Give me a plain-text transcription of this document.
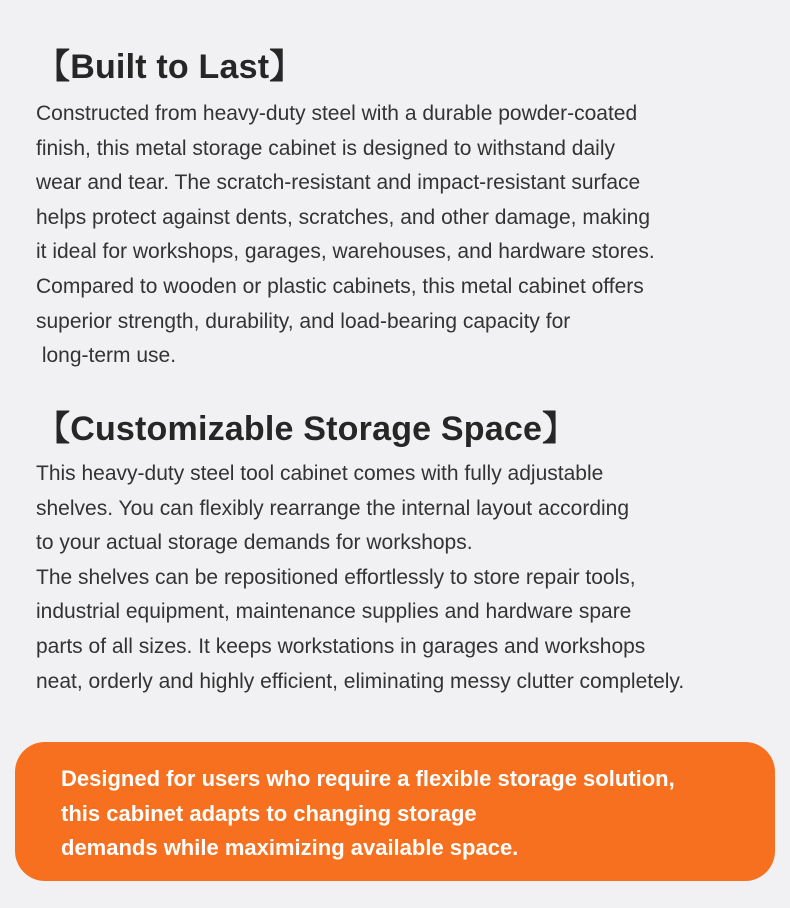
【Built to Last】
Constructed from heavy-duty steel with a durable powder-coated
finish, this metal storage cabinet is designed to withstand daily
wear and tear. The scratch-resistant and impact-resistant surface
helps protect against dents, scratches, and other damage, making
it ideal for workshops, garages, warehouses, and hardware stores.
Compared to wooden or plastic cabinets, this metal cabinet offers
superior strength, durability, and load-bearing capacity for
long-term use.
【Customizable Storage Space】
This heavy-duty steel tool cabinet comes with fully adjustable
shelves. You can flexibly rearrange the internal layout according
to your actual storage demands for workshops.
The shelves can be repositioned effortlessly to store repair tools,
industrial equipment, maintenance supplies and hardware spare
parts of all sizes. It keeps workstations in garages and workshops
neat, orderly and highly efficient, eliminating messy clutter completely.
Designed for users who require a flexible storage solution,
this cabinet adapts to changing storage
demands while maximizing available space.
